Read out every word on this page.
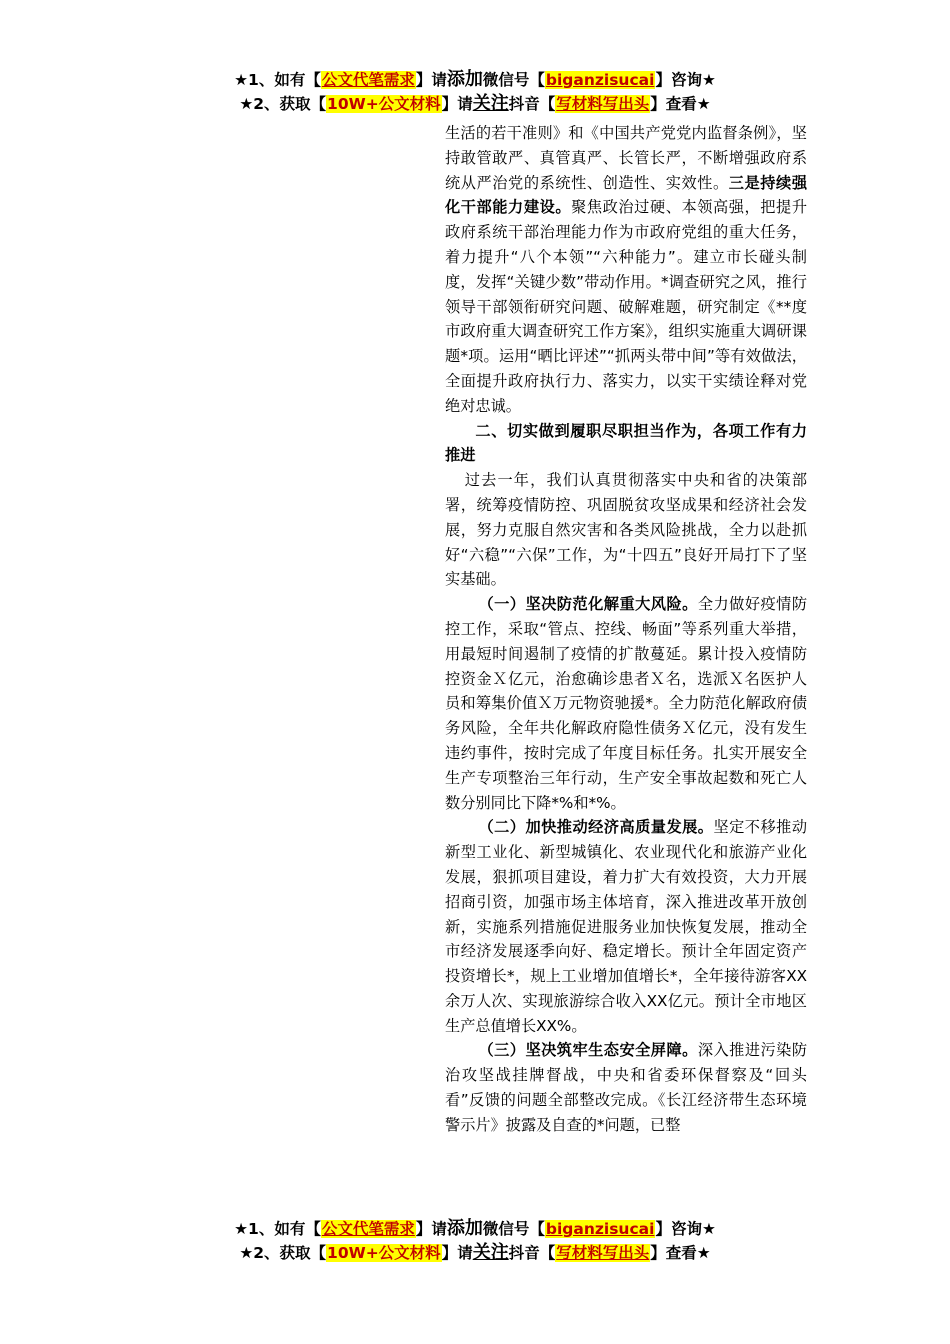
★1、如有【公文代笔需求】请添加微信号【biganzisucai】咨询★
★2、获取【10W+公文材料】请关注抖音【写材料写出头】查看★

生活的若干准则》和《中国共产党党内监督条例》，坚持敢管敢严、真管真严、长管长严，不断增强政府系统从严治党的系统性、创造性、实效性。三是持续强化干部能力建设。聚焦政治过硬、本领高强，把提升政府系统干部治理能力作为市政府党组的重大任务，着力提升“八个本领”“六种能力”。建立市长碰头制度，发挥“关键少数”带动作用。*调查研究之风，推行领导干部领衔研究问题、破解难题，研究制定《**度市政府重大调查研究工作方案》，组织实施重大调研课题*项。运用“晒比评述”“抓两头带中间”等有效做法，全面提升政府执行力、落实力，以实干实绩诠释对党绝对忠诚。

二、切实做到履职尽职担当作为，各项工作有力推进

过去一年，我们认真贯彻落实中央和省的决策部署，统筹疫情防控、巩固脱贫攻坚成果和经济社会发展，努力克服自然灾害和各类风险挑战，全力以赴抓好“六稳”“六保”工作，为“十四五”良好开局打下了坚实基础。

（一）坚决防范化解重大风险。全力做好疫情防控工作，采取“管点、控线、畅面”等系列重大举措，用最短时间遏制了疫情的扩散蔓延。累计投入疫情防控资金Ｘ亿元，治愈确诊患者Ｘ名，选派Ｘ名医护人员和筹集价值Ｘ万元物资驰援*。全力防范化解政府债务风险，全年共化解政府隐性债务Ｘ亿元，没有发生违约事件，按时完成了年度目标任务。扎实开展安全生产专项整治三年行动，生产安全事故起数和死亡人数分别同比下降*%和*%。

（二）加快推动经济高质量发展。坚定不移推动新型工业化、新型城镇化、农业现代化和旅游产业化发展，狠抓项目建设，着力扩大有效投资，大力开展招商引资，加强市场主体培育，深入推进改革开放创新，实施系列措施促进服务业加快恢复发展，推动全市经济发展逐季向好、稳定增长。预计全年固定资产投资增长*，规上工业增加值增长*，全年接待游客XX余万人次、实现旅游综合收入XX亿元。预计全市地区生产总值增长XX%。

（三）坚决筑牢生态安全屏障。深入推进污染防治攻坚战挂牌督战，中央和省委环保督察及“回头看”反馈的问题全部整改完成。《长江经济带生态环境警示片》披露及自查的*问题，已整

★1、如有【公文代笔需求】请添加微信号【biganzisucai】咨询★
★2、获取【10W+公文材料】请关注抖音【写材料写出头】查看★
